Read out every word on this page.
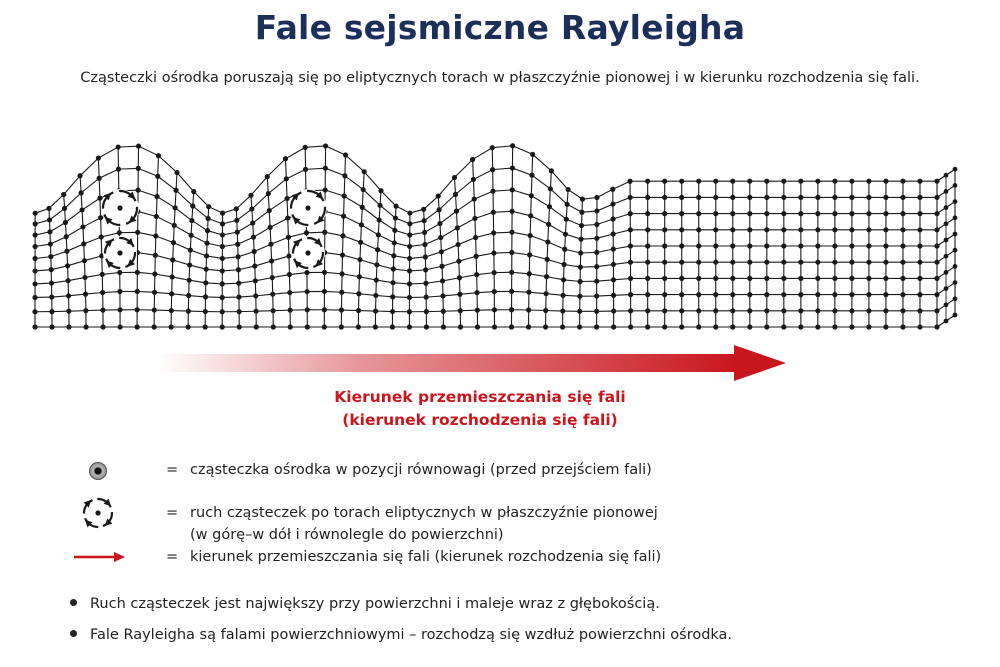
Fale sejsmiczne Rayleigha
Cząsteczki ośrodka poruszają się po eliptycznych torach w płaszczyźnie pionowej i w kierunku rozchodzenia się fali.
Kierunek przemieszczania się fali
(kierunek rozchodzenia się fali)
= cząsteczka ośrodka w pozycji równowagi (przed przejściem fali)
= ruch cząsteczek po torach eliptycznych w płaszczyźnie pionowej
(w górę–w dół i równolegle do powierzchni)
= kierunek przemieszczania się fali (kierunek rozchodzenia się fali)
Ruch cząsteczek jest największy przy powierzchni i maleje wraz z głębokością.
Fale Rayleigha są falami powierzchniowymi – rozchodzą się wzdłuż powierzchni ośrodka.
